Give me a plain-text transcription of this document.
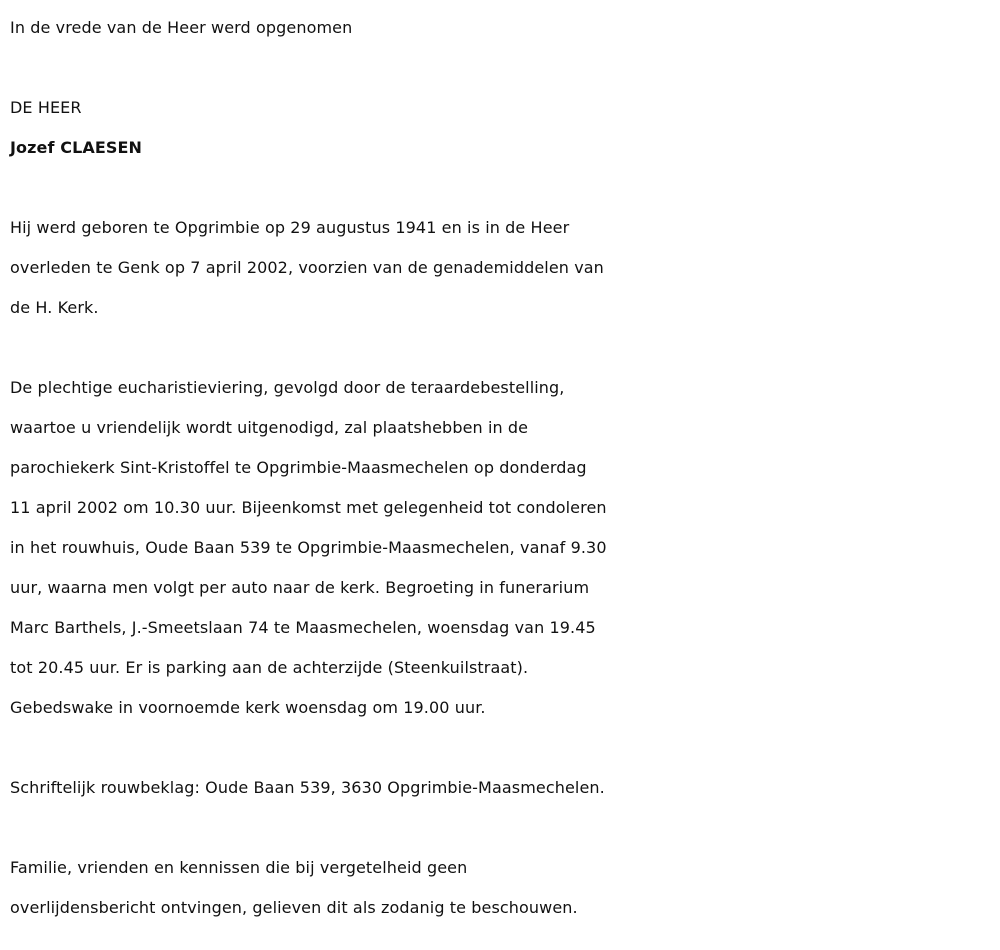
In de vrede van de Heer werd opgenomen
DE HEER
Jozef CLAESEN
Hij werd geboren te Opgrimbie op 29 augustus 1941 en is in de Heer
overleden te Genk op 7 april 2002, voorzien van de genademiddelen van
de H. Kerk.
De plechtige eucharistieviering, gevolgd door de teraardebestelling,
waartoe u vriendelijk wordt uitgenodigd, zal plaatshebben in de
parochiekerk Sint-Kristoffel te Opgrimbie-Maasmechelen op donderdag
11 april 2002 om 10.30 uur. Bijeenkomst met gelegenheid tot condoleren
in het rouwhuis, Oude Baan 539 te Opgrimbie-Maasmechelen, vanaf 9.30
uur, waarna men volgt per auto naar de kerk. Begroeting in funerarium
Marc Barthels, J.-Smeetslaan 74 te Maasmechelen, woensdag van 19.45
tot 20.45 uur. Er is parking aan de achterzijde (Steenkuilstraat).
Gebedswake in voornoemde kerk woensdag om 19.00 uur.
Schriftelijk rouwbeklag: Oude Baan 539, 3630 Opgrimbie-Maasmechelen.
Familie, vrienden en kennissen die bij vergetelheid geen
overlijdensbericht ontvingen, gelieven dit als zodanig te beschouwen.
